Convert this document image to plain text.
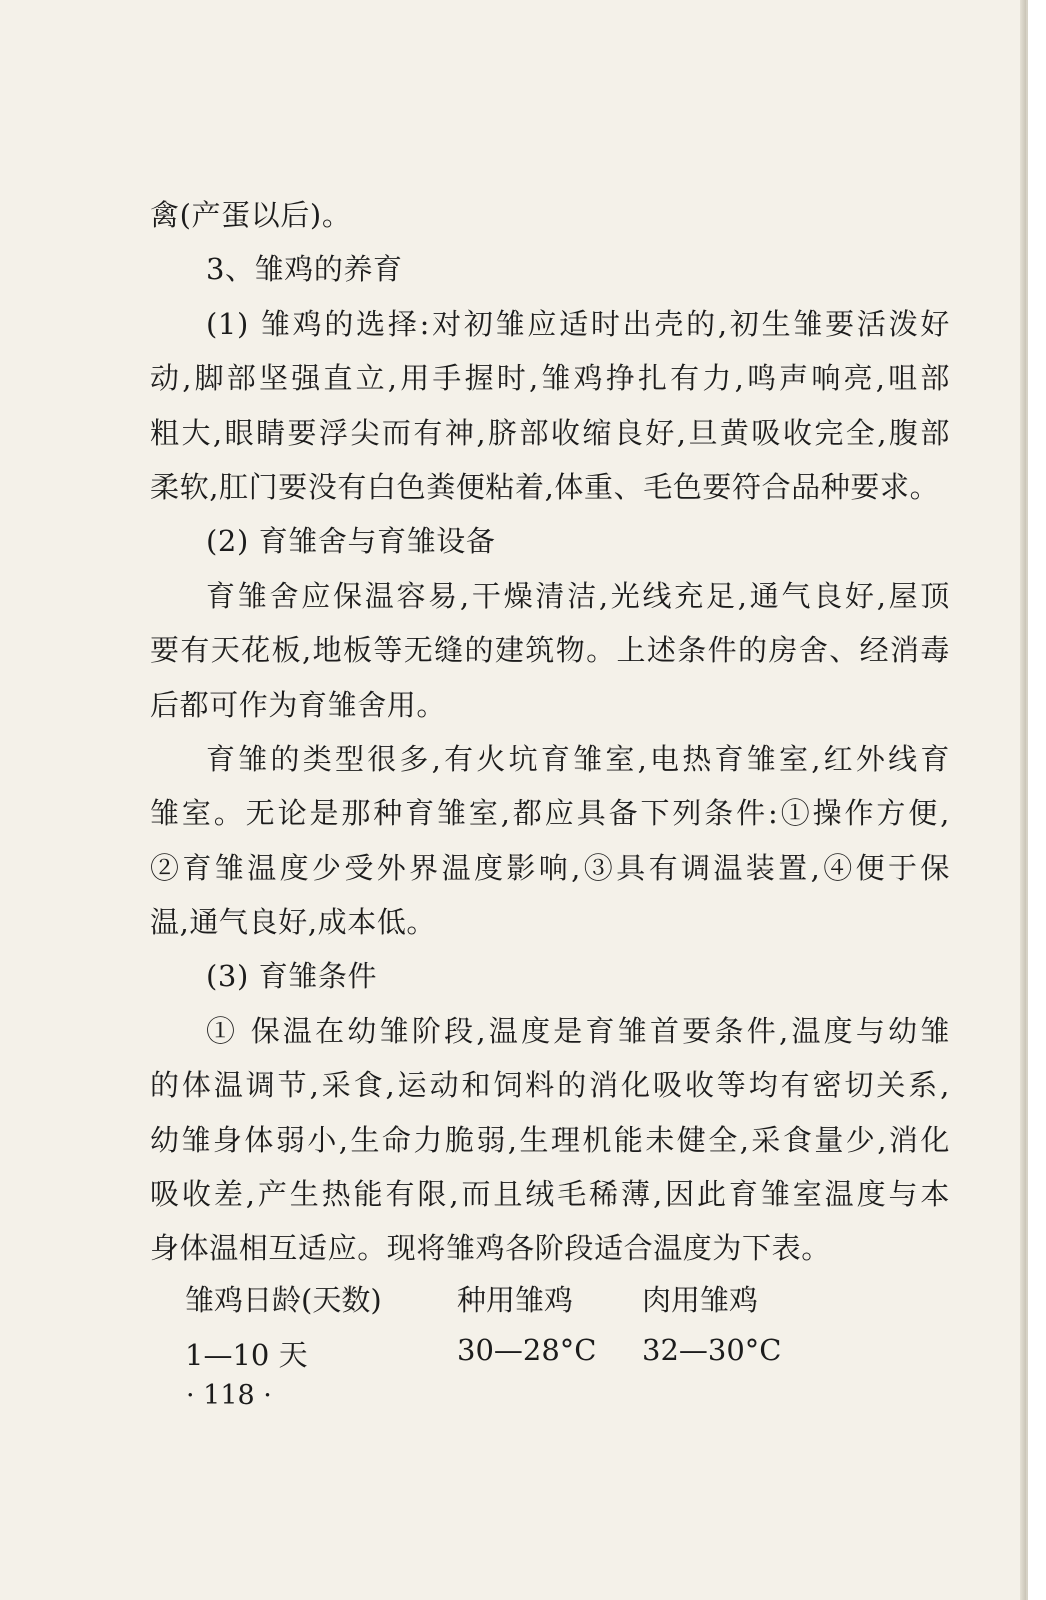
禽(产蛋以后)。
3、雏鸡的养育
(1) 雏鸡的选择:对初雏应适时出壳的,初生雏要活泼好
动,脚部坚强直立,用手握时,雏鸡挣扎有力,鸣声响亮,咀部
粗大,眼睛要浮尖而有神,脐部收缩良好,旦黄吸收完全,腹部
柔软,肛门要没有白色粪便粘着,体重、毛色要符合品种要求。
(2) 育雏舍与育雏设备
育雏舍应保温容易,干燥清洁,光线充足,通气良好,屋顶
要有天花板,地板等无缝的建筑物。上述条件的房舍、经消毒
后都可作为育雏舍用。
育雏的类型很多,有火坑育雏室,电热育雏室,红外线育
雏室。无论是那种育雏室,都应具备下列条件:①操作方便,
②育雏温度少受外界温度影响,③具有调温装置,④便于保
温,通气良好,成本低。
(3) 育雏条件
① 保温在幼雏阶段,温度是育雏首要条件,温度与幼雏
的体温调节,采食,运动和饲料的消化吸收等均有密切关系,
幼雏身体弱小,生命力脆弱,生理机能未健全,采食量少,消化
吸收差,产生热能有限,而且绒毛稀薄,因此育雏室温度与本
身体温相互适应。现将雏鸡各阶段适合温度为下表。
雏鸡日龄(天数)	种用雏鸡 肉用雏鸡
1—10 天	30—28°C 32—30°C
· 118 ·
